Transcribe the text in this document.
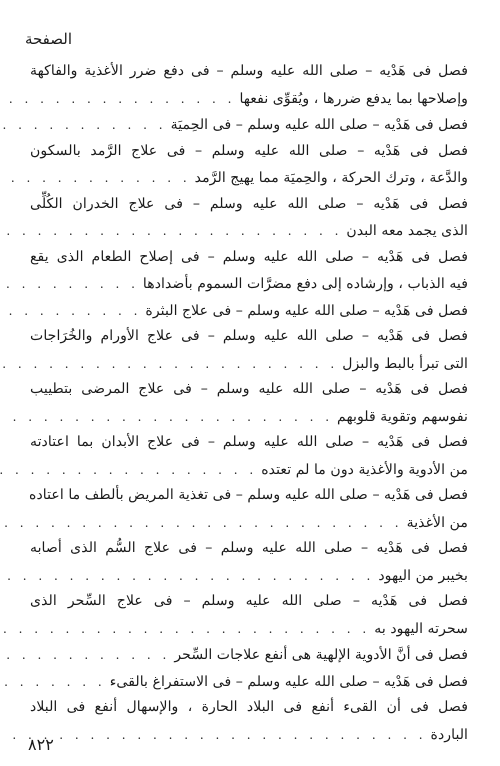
الصفحة
فصل فى هَدْيه – صلى الله عليه وسلم – فى دفع ضرر الأغذية والفاكهة
وإصلاحها بما يدفع ضررها ، ويُقوِّى نفعها
. . .
فصل فى هَدْيه – صلى الله عليه وسلم – فى الحِميَة
. . .
فصل فى هَدْيه – صلى الله عليه وسلم – فى علاج الرَّمد بالسكون
والدَّعة ، وترك الحركة ، والحِميَة مما يهيج الرَّمد
. . .
فصل فى هَدْيه – صلى الله عليه وسلم – فى علاج الخدران الكُلِّى
الذى يجمد معه البدن
. . .
فصل فى هَدْيه – صلى الله عليه وسلم – فى إصلاح الطعام الذى يقع
فيه الذباب ، وإرشاده إلى دفع مضرَّات السموم بأضدادها
. . .
فصل فى هَدْيه – صلى الله عليه وسلم – فى علاج البثرة
. . .
فصل فى هَدْيه – صلى الله عليه وسلم – فى علاج الأورام والخُرَاجات
التى تبرأ بالبط والبزل
. . .
فصل فى هَدْيه – صلى الله عليه وسلم – فى علاج المرضى بتطييب
نفوسهم وتقوية قلوبهم
. . .
فصل فى هَدْيه – صلى الله عليه وسلم – فى علاج الأبدان بما اعتادته
من الأدوية والأغذية دون ما لم تعتده
. . .
فصل فى هَدْيه – صلى الله عليه وسلم – فى تغذية المريض بألطف ما اعتاده
من الأغذية
. . .
فصل فى هَدْيه – صلى الله عليه وسلم – فى علاج السُّم الذى أصابه
بخيبر من اليهود
. . .
فصل فى هَدْيه – صلى الله عليه وسلم – فى علاج السِّحر الذى
سحرته اليهود به
. . .
فصل فى أنَّ الأدوية الإلهية هى أنفع علاجات السِّحر
. . .
فصل فى هَدْيه – صلى الله عليه وسلم – فى الاستفراغ بالقىء
. . .
فصل فى أن القىء أنفع فى البلاد الحارة ، والإسهال أنفع فى البلاد
الباردة
. . .
٨٢٢
